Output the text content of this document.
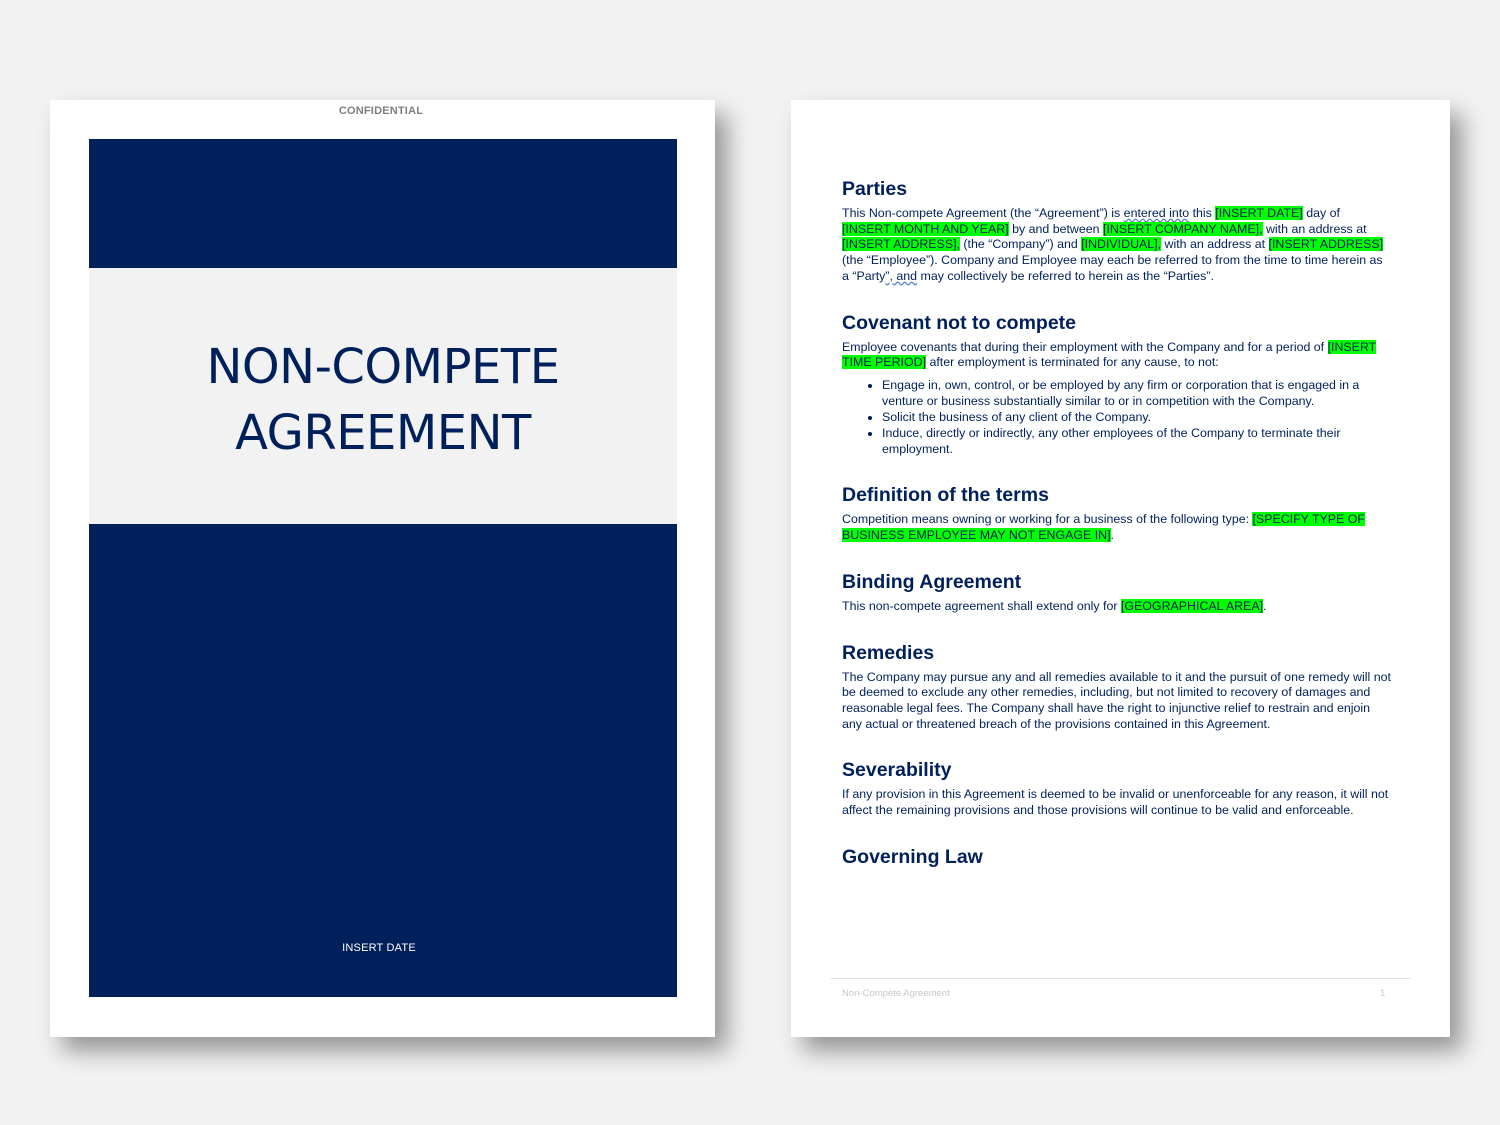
CONFIDENTIAL
NON-COMPETE
AGREEMENT
INSERT DATE
Parties

This Non-compete Agreement (the “Agreement”) is entered into this [INSERT DATE] day of [INSERT MONTH AND YEAR] by and between [INSERT COMPANY NAME], with an address at [INSERT ADDRESS], (the “Company”) and [INDIVIDUAL], with an address at [INSERT ADDRESS] (the “Employee”). Company and Employee may each be referred to from the time to time herein as a “Party”, and may collectively be referred to herein as the “Parties”.

Covenant not to compete

Employee covenants that during their employment with the Company and for a period of [INSERT TIME PERIOD] after employment is terminated for any cause, to not:

• Engage in, own, control, or be employed by any firm or corporation that is engaged in a venture or business substantially similar to or in competition with the Company.
• Solicit the business of any client of the Company.
• Induce, directly or indirectly, any other employees of the Company to terminate their employment.
Definition of the terms

Competition means owning or working for a business of the following type: [SPECIFY TYPE OF BUSINESS EMPLOYEE MAY NOT ENGAGE IN].

Binding Agreement

This non-compete agreement shall extend only for [GEOGRAPHICAL AREA].

Remedies

The Company may pursue any and all remedies available to it and the pursuit of one remedy will not be deemed to exclude any other remedies, including, but not limited to recovery of damages and reasonable legal fees. The Company shall have the right to injunctive relief to restrain and enjoin any actual or threatened breach of the provisions contained in this Agreement.

Severability

If any provision in this Agreement is deemed to be invalid or unenforceable for any reason, it will not affect the remaining provisions and those provisions will continue to be valid and enforceable.

Governing Law
Non-Compete Agreement	1
